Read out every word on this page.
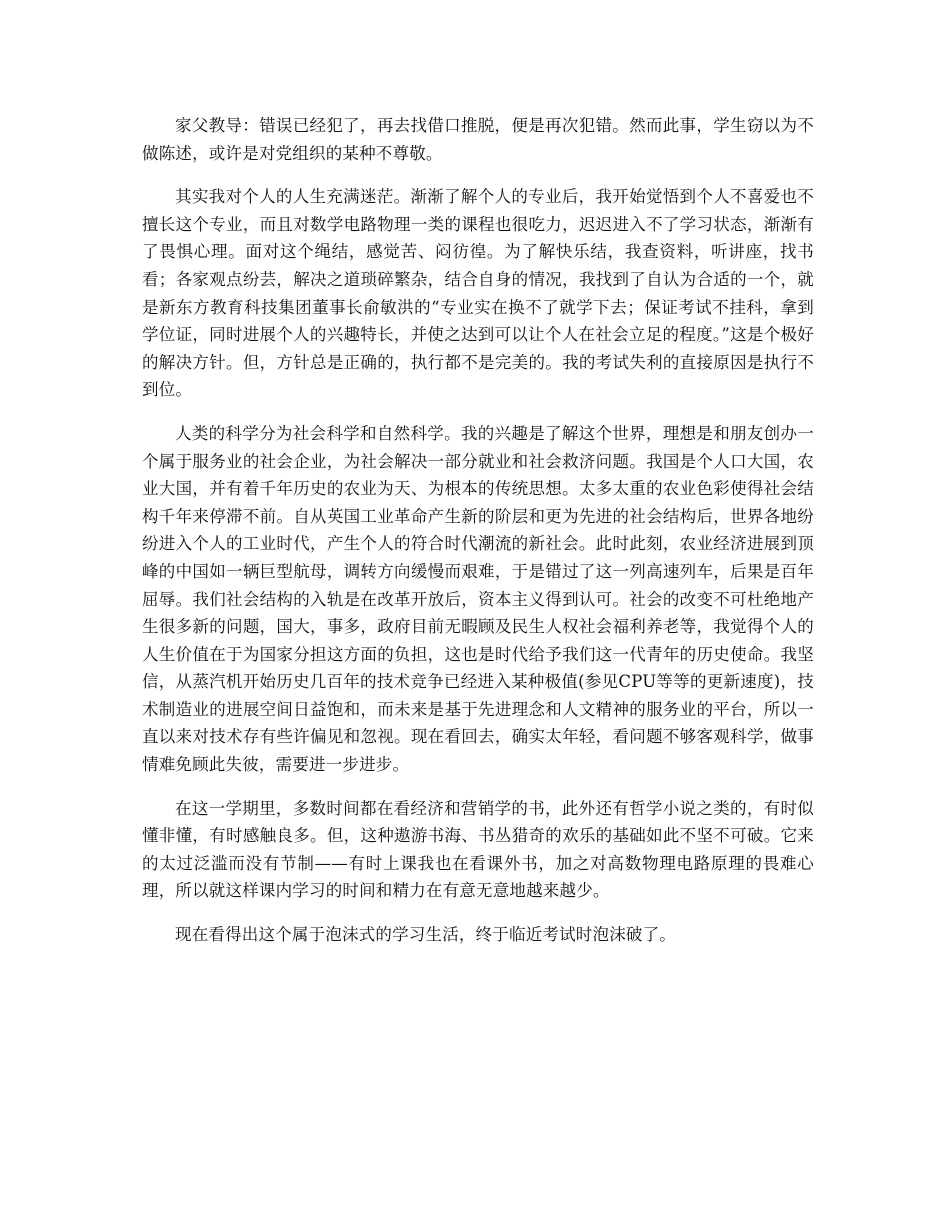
家父教导：错误已经犯了，再去找借口推脱，便是再次犯错。然而此事，学生窃以为不做陈述，或许是对党组织的某种不尊敬。

其实我对个人的人生充满迷茫。渐渐了解个人的专业后，我开始觉悟到个人不喜爱也不擅长这个专业，而且对数学电路物理一类的课程也很吃力，迟迟进入不了学习状态，渐渐有了畏惧心理。面对这个绳结，感觉苦、闷彷徨。为了解快乐结，我查资料，听讲座，找书看；各家观点纷芸，解决之道琐碎繁杂，结合自身的情况，我找到了自认为合适的一个，就是新东方教育科技集团董事长俞敏洪的“专业实在换不了就学下去；保证考试不挂科，拿到学位证，同时进展个人的兴趣特长，并使之达到可以让个人在社会立足的程度。”这是个极好的解决方针。但，方针总是正确的，执行都不是完美的。我的考试失利的直接原因是执行不到位。

人类的科学分为社会科学和自然科学。我的兴趣是了解这个世界，理想是和朋友创办一个属于服务业的社会企业，为社会解决一部分就业和社会救济问题。我国是个人口大国，农业大国，并有着千年历史的农业为天、为根本的传统思想。太多太重的农业色彩使得社会结构千年来停滞不前。自从英国工业革命产生新的阶层和更为先进的社会结构后，世界各地纷纷进入个人的工业时代，产生个人的符合时代潮流的新社会。此时此刻，农业经济进展到顶峰的中国如一辆巨型航母，调转方向缓慢而艰难，于是错过了这一列高速列车，后果是百年屈辱。我们社会结构的入轨是在改革开放后，资本主义得到认可。社会的改变不可杜绝地产生很多新的问题，国大，事多，政府目前无暇顾及民生人权社会福利养老等，我觉得个人的人生价值在于为国家分担这方面的负担，这也是时代给予我们这一代青年的历史使命。我坚信，从蒸汽机开始历史几百年的技术竞争已经进入某种极值(参见CPU等等的更新速度)，技术制造业的进展空间日益饱和，而未来是基于先进理念和人文精神的服务业的平台，所以一直以来对技术存有些许偏见和忽视。现在看回去，确实太年轻，看问题不够客观科学，做事情难免顾此失彼，需要进一步进步。

在这一学期里，多数时间都在看经济和营销学的书，此外还有哲学小说之类的，有时似懂非懂，有时感触良多。但，这种遨游书海、书丛猎奇的欢乐的基础如此不坚不可破。它来的太过泛滥而没有节制——有时上课我也在看课外书，加之对高数物理电路原理的畏难心理，所以就这样课内学习的时间和精力在有意无意地越来越少。

现在看得出这个属于泡沫式的学习生活，终于临近考试时泡沫破了。
